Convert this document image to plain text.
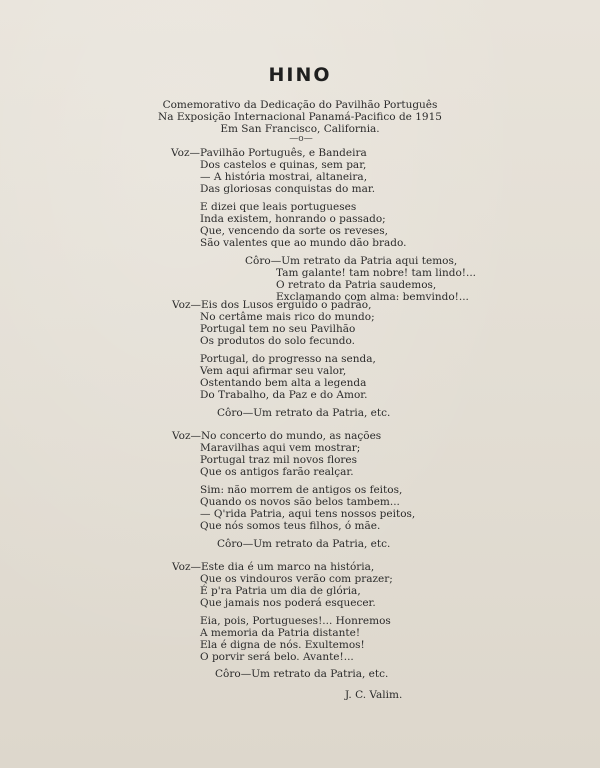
HINO
Comemorativo da Dedicação do Pavilhão Português
Na Exposição Internacional Panamá-Pacifico de 1915
Em San Francisco, California.
—o—
Voz—Pavilhão Português, e Bandeira
Dos castelos e quinas, sem par,
— A história mostrai, altaneira,
Das gloriosas conquistas do mar.
E dizei que leais portugueses
Inda existem, honrando o passado;
Que, vencendo da sorte os reveses,
São valentes que ao mundo dão brado.
Côro—Um retrato da Patria aqui temos,
Tam galante! tam nobre! tam lindo!...
O retrato da Patria saudemos,
Exclamando com alma: bemvindo!...
Voz—Eis dos Lusos erguido o padrão,
No certâme mais rico do mundo;
Portugal tem no seu Pavilhão
Os produtos do solo fecundo.
Portugal, do progresso na senda,
Vem aqui afirmar seu valor,
Ostentando bem alta a legenda
Do Trabalho, da Paz e do Amor.
Côro—Um retrato da Patria, etc.
Voz—No concerto do mundo, as nações
Maravilhas aqui vem mostrar;
Portugal traz mil novos flores
Que os antigos farão realçar.
Sim: não morrem de antigos os feitos,
Quando os novos são belos tambem...
— Q'rida Patria, aqui tens nossos peitos,
Que nós somos teus filhos, ó mãe.
Côro—Um retrato da Patria, etc.
Voz—Este dia é um marco na história,
Que os vindouros verão com prazer;
É p'ra Patria um dia de glória,
Que jamais nos poderá esquecer.
Eia, pois, Portugueses!... Honremos
A memoria da Patria distante!
Ela é digna de nós. Exultemos!
O porvir será belo. Avante!...
Côro—Um retrato da Patria, etc.
J. C. Valim.
